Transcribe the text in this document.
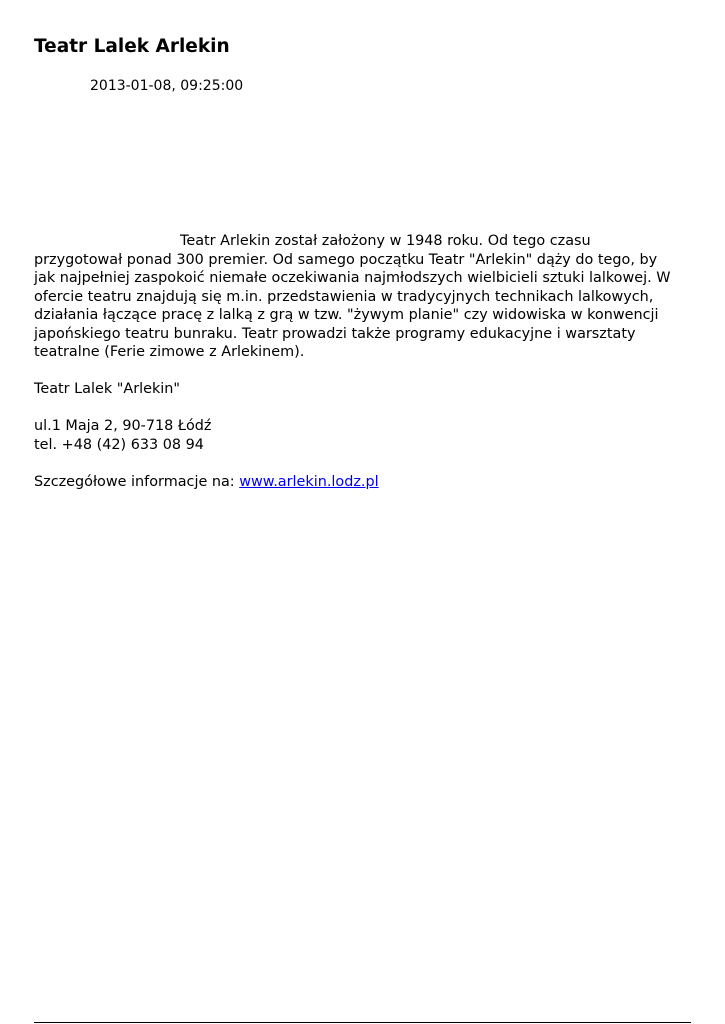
Teatr Lalek Arlekin
2013-01-08, 09:25:00
Teatr Arlekin został założony w 1948 roku. Od tego czasu
przygotował ponad 300 premier. Od samego początku Teatr "Arlekin" dąży do tego, by
jak najpełniej zaspokoić niemałe oczekiwania najmłodszych wielbicieli sztuki lalkowej. W
ofercie teatru znajdują się m.in. przedstawienia w tradycyjnych technikach lalkowych,
działania łączące pracę z lalką z grą w tzw. "żywym planie" czy widowiska w konwencji
japońskiego teatru bunraku. Teatr prowadzi także programy edukacyjne i warsztaty
teatralne (Ferie zimowe z Arlekinem).

Teatr Lalek "Arlekin"

ul.1 Maja 2, 90-718 Łódź

tel. +48 (42) 633 08 94

Szczegółowe informacje na: www.arlekin.lodz.pl
